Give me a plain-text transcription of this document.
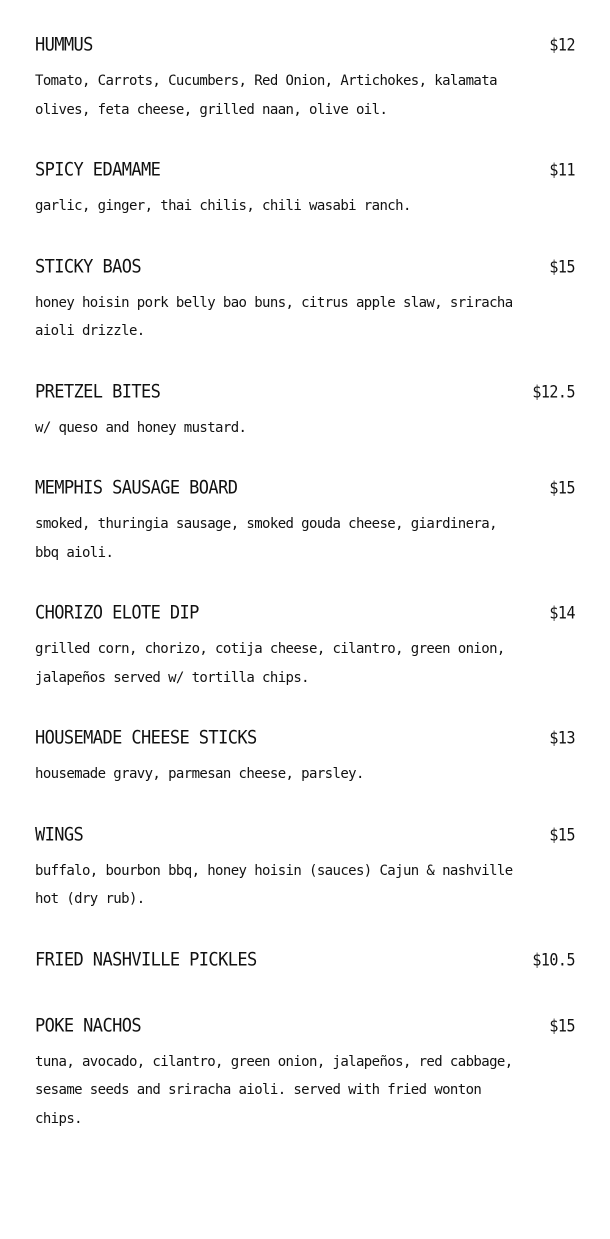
HUMMUS	$12
Tomato, Carrots, Cucumbers, Red Onion, Artichokes, kalamata olives, feta cheese, grilled naan, olive oil.
SPICY EDAMAME	$11
garlic, ginger, thai chilis, chili wasabi ranch.
STICKY BAOS	$15
honey hoisin pork belly bao buns, citrus apple slaw, sriracha aioli drizzle.
PRETZEL BITES	$12.5
w/ queso and honey mustard.
MEMPHIS SAUSAGE BOARD	$15
smoked, thuringia sausage, smoked gouda cheese, giardinera, bbq aioli.
CHORIZO ELOTE DIP	$14
grilled corn, chorizo, cotija cheese, cilantro, green onion, jalapeños served w/ tortilla chips.
HOUSEMADE CHEESE STICKS	$13
housemade gravy, parmesan cheese, parsley.
WINGS	$15
buffalo, bourbon bbq, honey hoisin (sauces) Cajun & nashville hot (dry rub).
FRIED NASHVILLE PICKLES	$10.5
POKE NACHOS	$15
tuna, avocado, cilantro, green onion, jalapeños, red cabbage, sesame seeds and sriracha aioli. served with fried wonton chips.
